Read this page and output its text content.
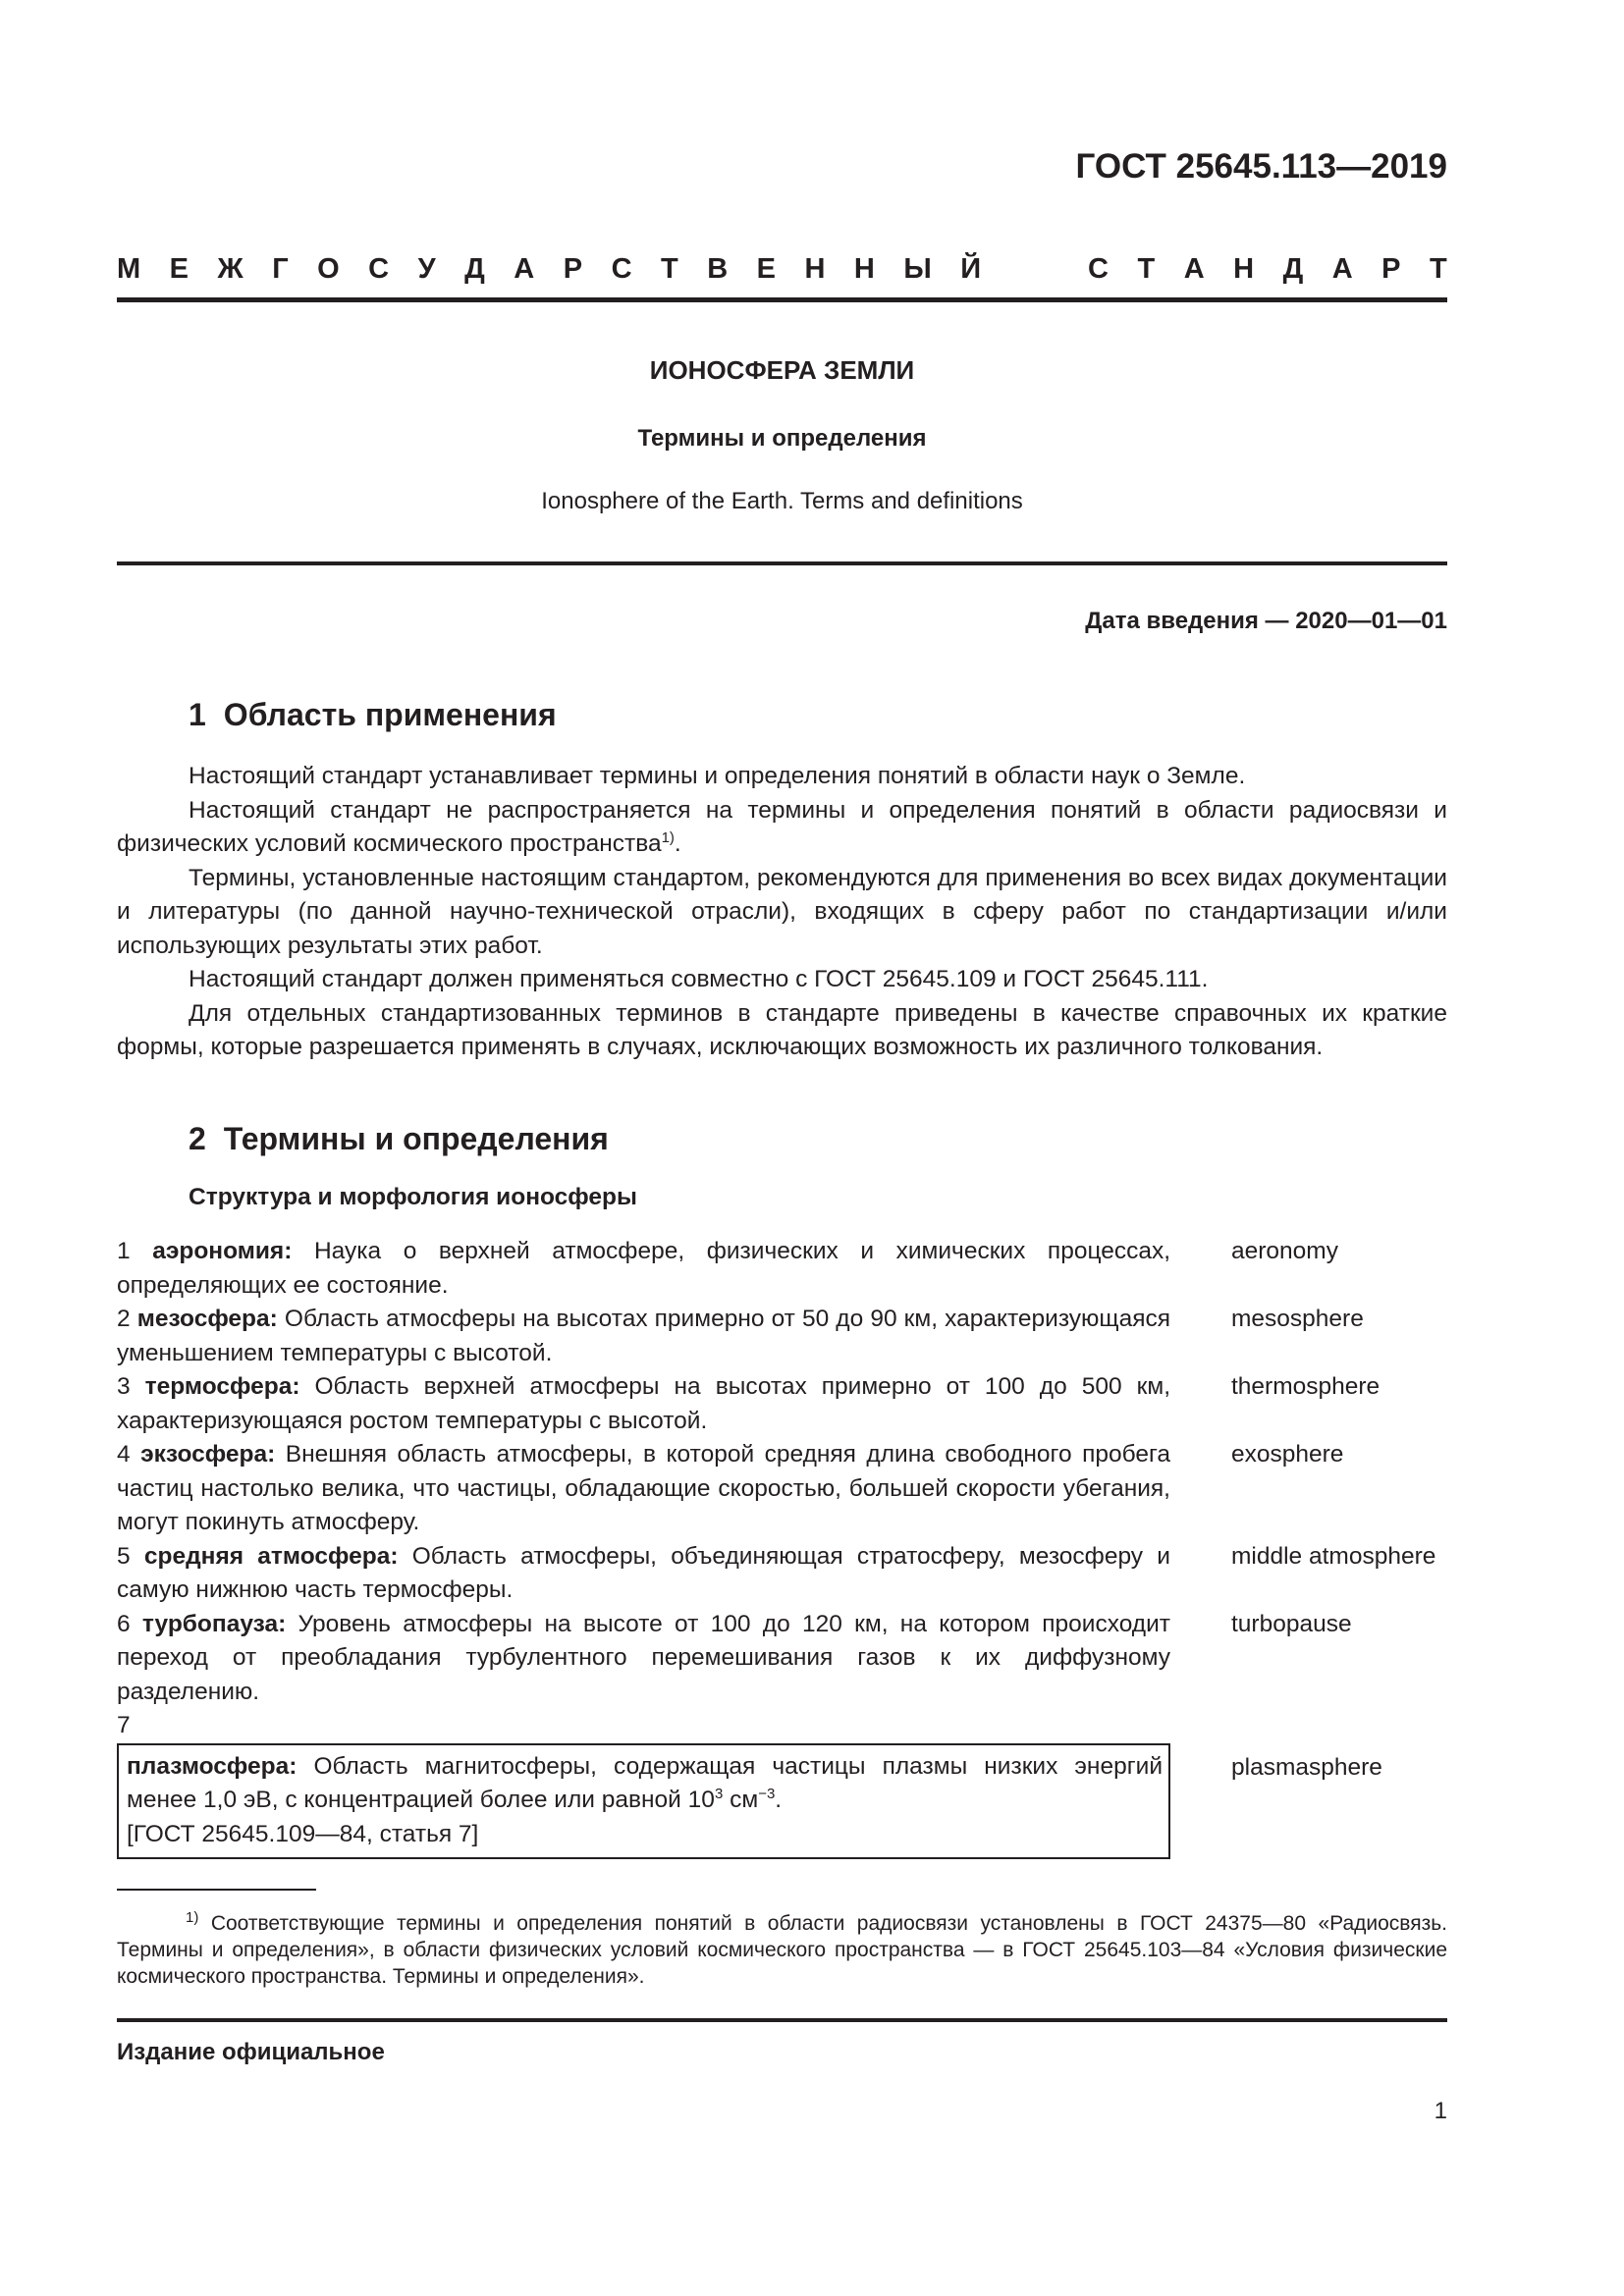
ГОСТ 25645.113—2019
М Е Ж Г О С У Д А Р С Т В Е Н Н Ы Й	С Т А Н Д А Р Т
ИОНОСФЕРА ЗЕМЛИ
Термины и определения
Ionosphere of the Earth. Terms and definitions
Дата введения — 2020—01—01
1 Область применения

Настоящий стандарт устанавливает термины и определения понятий в области наук о Земле.

Настоящий стандарт не распространяется на термины и определения понятий в области радиосвязи и физических условий космического пространства$^{1)}$.

Термины, установленные настоящим стандартом, рекомендуются для применения во всех видах документации и литературы (по данной научно-технической отрасли), входящих в сферу работ по стандартизации и/или использующих результаты этих работ.

Настоящий стандарт должен применяться совместно с ГОСТ 25645.109 и ГОСТ 25645.111.

Для отдельных стандартизованных терминов в стандарте приведены в качестве справочных их краткие формы, которые разрешается применять в случаях, исключающих возможность их различного толкования.

2 Термины и определения
Структура и морфология ионосферы
1 аэрономия: Наука о верхней атмосфере, физических и химических процессах, определяющих ее состояние.
aeronomy
2 мезосфера: Область атмосферы на высотах примерно от 50 до 90 км, характеризующаяся уменьшением температуры с высотой.
mesosphere
3 термосфера: Область верхней атмосферы на высотах примерно от 100 до 500 км, характеризующаяся ростом температуры с высотой.
thermosphere
4 экзосфера: Внешняя область атмосферы, в которой средняя длина свободного пробега частиц настолько велика, что частицы, обладающие скоростью, большей скорости убегания, могут покинуть атмосферу.
exosphere
5 средняя атмосфера: Область атмосферы, объединяющая стратосферу, мезосферу и самую нижнюю часть термосферы.
middle atmosphere
6 турбопауза: Уровень атмосферы на высоте от 100 до 120 км, на котором происходит переход от преобладания турбулентного перемешивания газов к их диффузному разделению.
turbopause
7
плазмосфера: Область магнитосферы, содержащая частицы плазмы низких энергий менее 1,0 эВ, с концентрацией более или равной $10^3$ $см^{-3}$.
[ГОСТ 25645.109—84, статья 7]
plasmasphere

$^{1)}$ Соответствующие термины и определения понятий в области радиосвязи установлены в ГОСТ 24375—80 «Радиосвязь. Термины и определения», в области физических условий космического пространства — в ГОСТ 25645.103—84 «Условия физические космического пространства. Термины и определения».

Издание официальное
1
